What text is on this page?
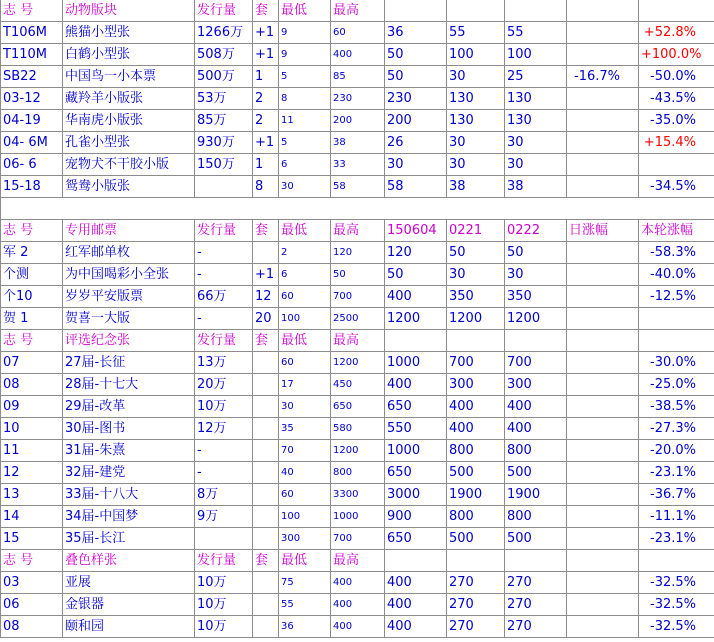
志 号	动物版块	发行量	套	最低	最高					
T106M	熊猫小型张	1266万	+1	9	60	36	55	55		+52.8%
T110M	白鹤小型张	508万	+1	9	400	50	100	100		+100.0%
SB22	中国鸟一小本票	500万	1	5	85	50	30	25	-16.7%	-50.0%
03-12	藏羚羊小版张	53万	2	8	230	230	130	130		-43.5%
04-19	华南虎小版张	85万	2	11	200	200	130	130		-35.0%
04- 6M	孔雀小型张	930万	+1	5	38	26	30	30		+15.4%
06- 6	宠物犬不干胶小版	150万	1	6	33	30	30	30		
15-18	鸳鸯小版张		8	30	58	58	38	38		-34.5%

志 号	专用邮票	发行量	套	最低	最高	150604	0221	0222	日涨幅	本轮涨幅
军 2	红军邮单枚	-		2	120	120	50	50		-58.3%
个测	为中国喝彩小全张	-	+1	6	50	50	30	30		-40.0%
个10	岁岁平安版票	66万	12	60	700	400	350	350		-12.5%
贺 1	贺喜一大版	-	20	100	2500	1200	1200	1200		
志 号	评选纪念张	发行量	套	最低	最高					
07	27届-长征	13万		60	1200	1000	700	700		-30.0%
08	28届-十七大	20万		17	450	400	300	300		-25.0%
09	29届-改革	10万		30	650	650	400	400		-38.5%
10	30届-图书	12万		35	580	550	400	400		-27.3%
11	31届-朱熹	-		70	1200	1000	800	800		-20.0%
12	32届-建党	-		40	800	650	500	500		-23.1%
13	33届-十八大	8万		60	3300	3000	1900	1900		-36.7%
14	34届-中国梦	9万		100	1000	900	800	800		-11.1%
15	35届-长江			300	700	650	500	500		-23.1%
志 号	叠色样张	发行量	套	最低	最高					
03	亚展	10万		75	400	400	270	270		-32.5%
06	金银器	10万		55	400	400	270	270		-32.5%
08	颐和园	10万		36	400	400	270	270		-32.5%
